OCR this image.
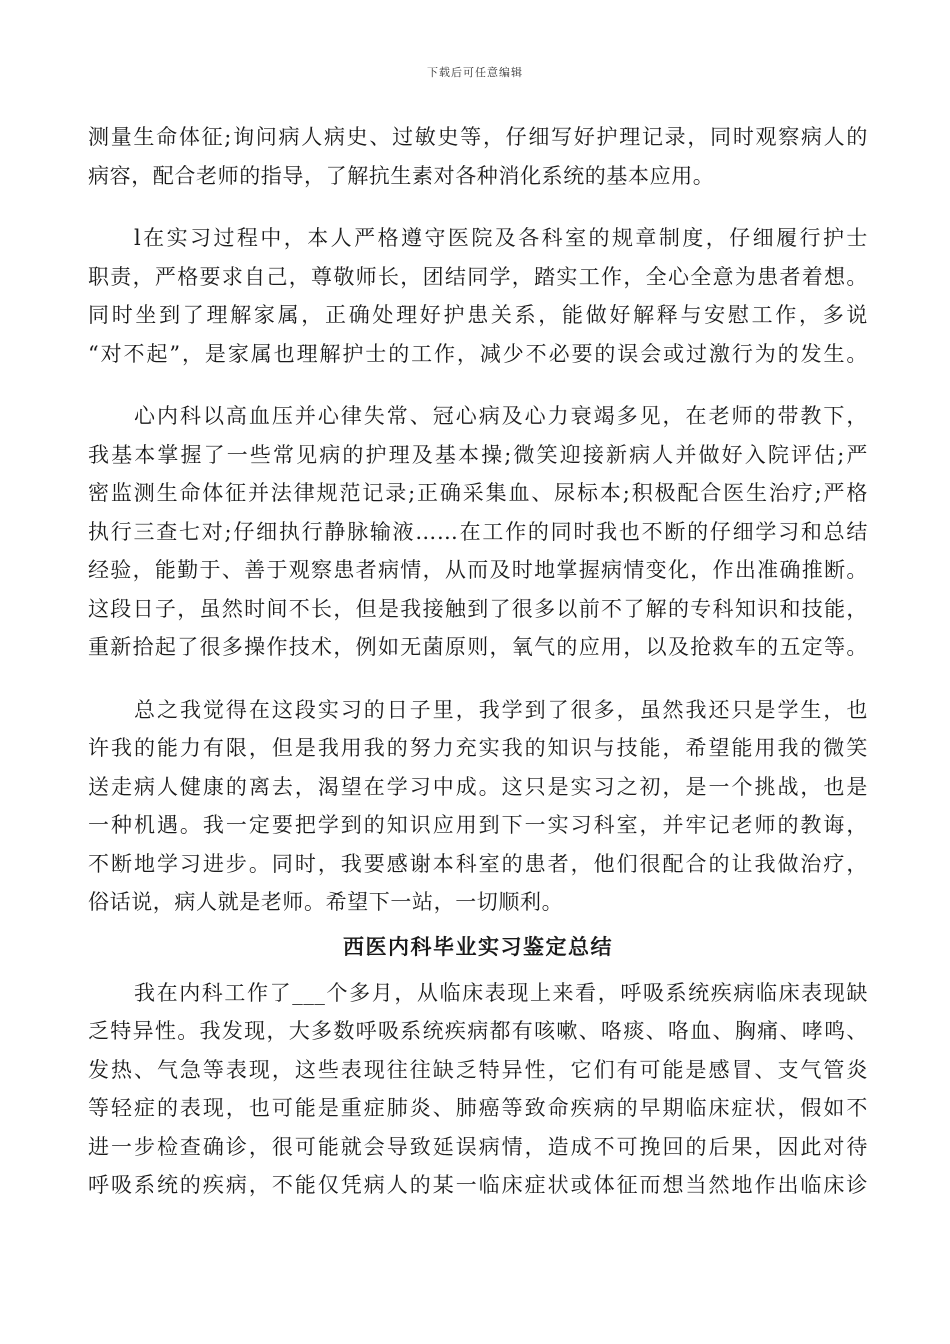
下载后可任意编辑
测量生命体征;询问病人病史、过敏史等，仔细写好护理记录，同时观察病人的
病容，配合老师的指导，了解抗生素对各种消化系统的基本应用。
l在实习过程中，本人严格遵守医院及各科室的规章制度，仔细履行护士
职责，严格要求自己，尊敬师长，团结同学，踏实工作，全心全意为患者着想。
同时坐到了理解家属，正确处理好护患关系，能做好解释与安慰工作，多说
“对不起”，是家属也理解护士的工作，减少不必要的误会或过激行为的发生。
心内科以高血压并心律失常、冠心病及心力衰竭多见，在老师的带教下，
我基本掌握了一些常见病的护理及基本操;微笑迎接新病人并做好入院评估;严
密监测生命体征并法律规范记录;正确采集血、尿标本;积极配合医生治疗;严格
执行三查七对;仔细执行静脉输液……在工作的同时我也不断的仔细学习和总结
经验，能勤于、善于观察患者病情，从而及时地掌握病情变化，作出准确推断。
这段日子，虽然时间不长，但是我接触到了很多以前不了解的专科知识和技能，
重新拾起了很多操作技术，例如无菌原则，氧气的应用，以及抢救车的五定等。
总之我觉得在这段实习的日子里，我学到了很多，虽然我还只是学生，也
许我的能力有限，但是我用我的努力充实我的知识与技能，希望能用我的微笑
送走病人健康的离去，渴望在学习中成。这只是实习之初，是一个挑战，也是
一种机遇。我一定要把学到的知识应用到下一实习科室，并牢记老师的教诲，
不断地学习进步。同时，我要感谢本科室的患者，他们很配合的让我做治疗，
俗话说，病人就是老师。希望下一站，一切顺利。
西医内科毕业实习鉴定总结
我在内科工作了___个多月，从临床表现上来看，呼吸系统疾病临床表现缺
乏特异性。我发现，大多数呼吸系统疾病都有咳嗽、咯痰、咯血、胸痛、哮鸣、
发热、气急等表现，这些表现往往缺乏特异性，它们有可能是感冒、支气管炎
等轻症的表现，也可能是重症肺炎、肺癌等致命疾病的早期临床症状，假如不
进一步检查确诊，很可能就会导致延误病情，造成不可挽回的后果，因此对待
呼吸系统的疾病，不能仅凭病人的某一临床症状或体征而想当然地作出临床诊
